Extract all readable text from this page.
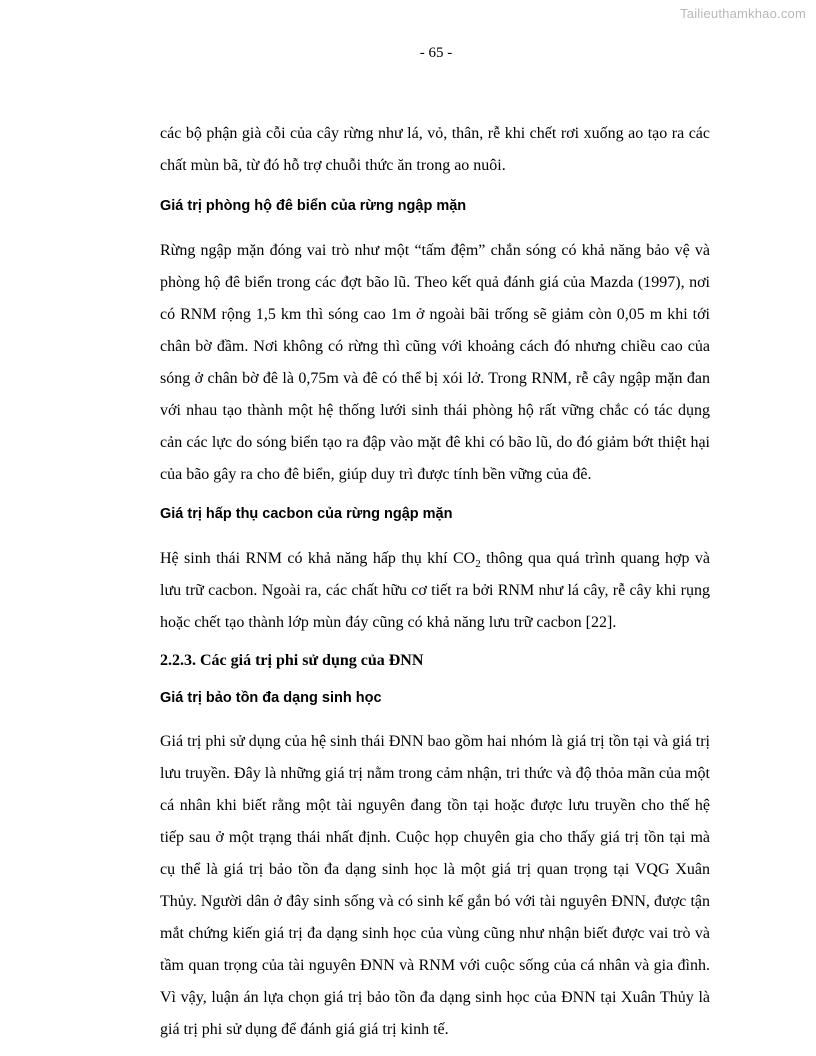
Tailieuthamkhao.com
- 65 -

các bộ phận già cỗi của cây rừng như lá, vỏ, thân, rễ khi chết rơi xuống ao tạo ra các chất mùn bã, từ đó hỗ trợ chuỗi thức ăn trong ao nuôi.

Giá trị phòng hộ đê biển của rừng ngập mặn

Rừng ngập mặn đóng vai trò như một “tấm đệm” chắn sóng có khả năng bảo vệ và phòng hộ đê biển trong các đợt bão lũ. Theo kết quả đánh giá của Mazda (1997), nơi có RNM rộng 1,5 km thì sóng cao 1m ở ngoài bãi trống sẽ giảm còn 0,05 m khi tới chân bờ đầm. Nơi không có rừng thì cũng với khoảng cách đó nhưng chiều cao của sóng ở chân bờ đê là 0,75m và đê có thể bị xói lở. Trong RNM, rễ cây ngập mặn đan với nhau tạo thành một hệ thống lưới sinh thái phòng hộ rất vững chắc có tác dụng cản các lực do sóng biển tạo ra đập vào mặt đê khi có bão lũ, do đó giảm bớt thiệt hại của bão gây ra cho đê biển, giúp duy trì được tính bền vững của đê.

Giá trị hấp thụ cacbon của rừng ngập mặn

Hệ sinh thái RNM có khả năng hấp thụ khí $CO_2$ thông qua quá trình quang hợp và lưu trữ cacbon. Ngoài ra, các chất hữu cơ tiết ra bởi RNM như lá cây, rễ cây khi rụng hoặc chết tạo thành lớp mùn đáy cũng có khả năng lưu trữ cacbon [22].

2.2.3. Các giá trị phi sử dụng của ĐNN

Giá trị bảo tồn đa dạng sinh học

Giá trị phi sử dụng của hệ sinh thái ĐNN bao gồm hai nhóm là giá trị tồn tại và giá trị lưu truyền. Đây là những giá trị nằm trong cảm nhận, tri thức và độ thỏa mãn của một cá nhân khi biết rằng một tài nguyên đang tồn tại hoặc được lưu truyền cho thế hệ tiếp sau ở một trạng thái nhất định. Cuộc họp chuyên gia cho thấy giá trị tồn tại mà cụ thể là giá trị bảo tồn đa dạng sinh học là một giá trị quan trọng tại VQG Xuân Thủy. Người dân ở đây sinh sống và có sinh kế gắn bó với tài nguyên ĐNN, được tận mắt chứng kiến giá trị đa dạng sinh học của vùng cũng như nhận biết được vai trò và tầm quan trọng của tài nguyên ĐNN và RNM với cuộc sống của cá nhân và gia đình. Vì vậy, luận án lựa chọn giá trị bảo tồn đa dạng sinh học của ĐNN tại Xuân Thủy là giá trị phi sử dụng để đánh giá giá trị kinh tế.
